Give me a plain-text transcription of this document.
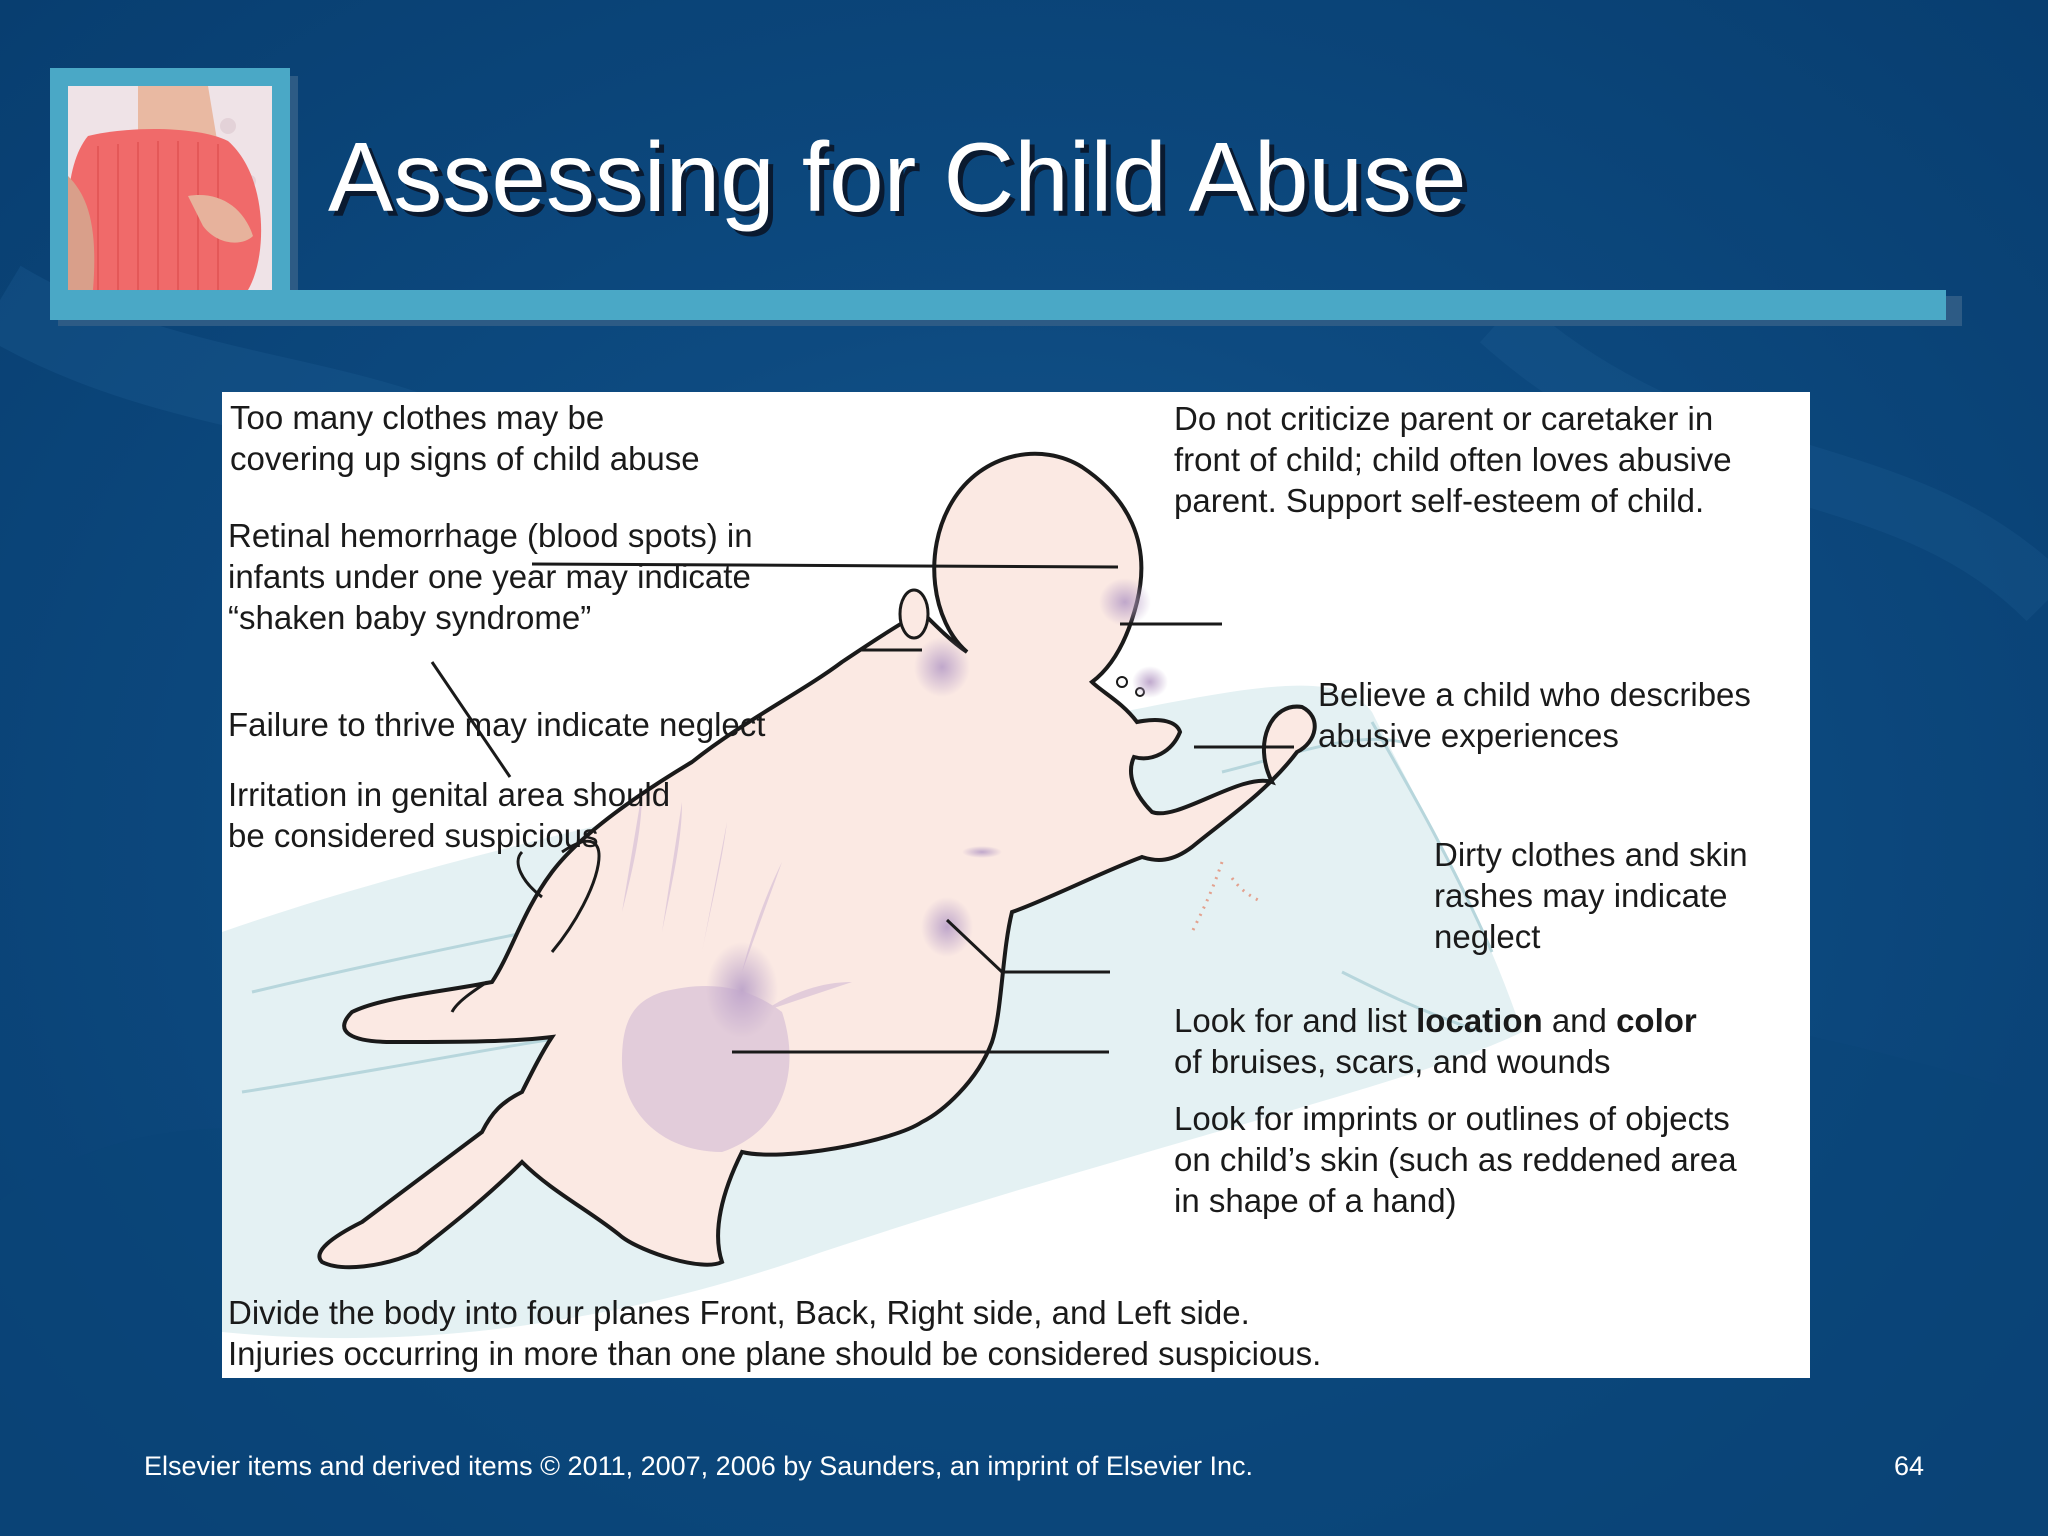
Assessing for Child Abuse
Too many clothes may be
covering up signs of child abuse
Retinal hemorrhage (blood spots) in
infants under one year may indicate
“shaken baby syndrome”
Failure to thrive may indicate neglect
Irritation in genital area should
be considered suspicious
Do not criticize parent or caretaker in
front of child; child often loves abusive
parent. Support self-esteem of child.
Believe a child who describes
abusive experiences
Dirty clothes and skin
rashes may indicate
neglect
Look for and list location and color
of bruises, scars, and wounds
Look for imprints or outlines of objects
on child’s skin (such as reddened area
in shape of a hand)
Divide the body into four planes Front, Back, Right side, and Left side.
Injuries occurring in more than one plane should be considered suspicious.
Elsevier items and derived items © 2011, 2007, 2006 by Saunders, an imprint of Elsevier Inc.	64
